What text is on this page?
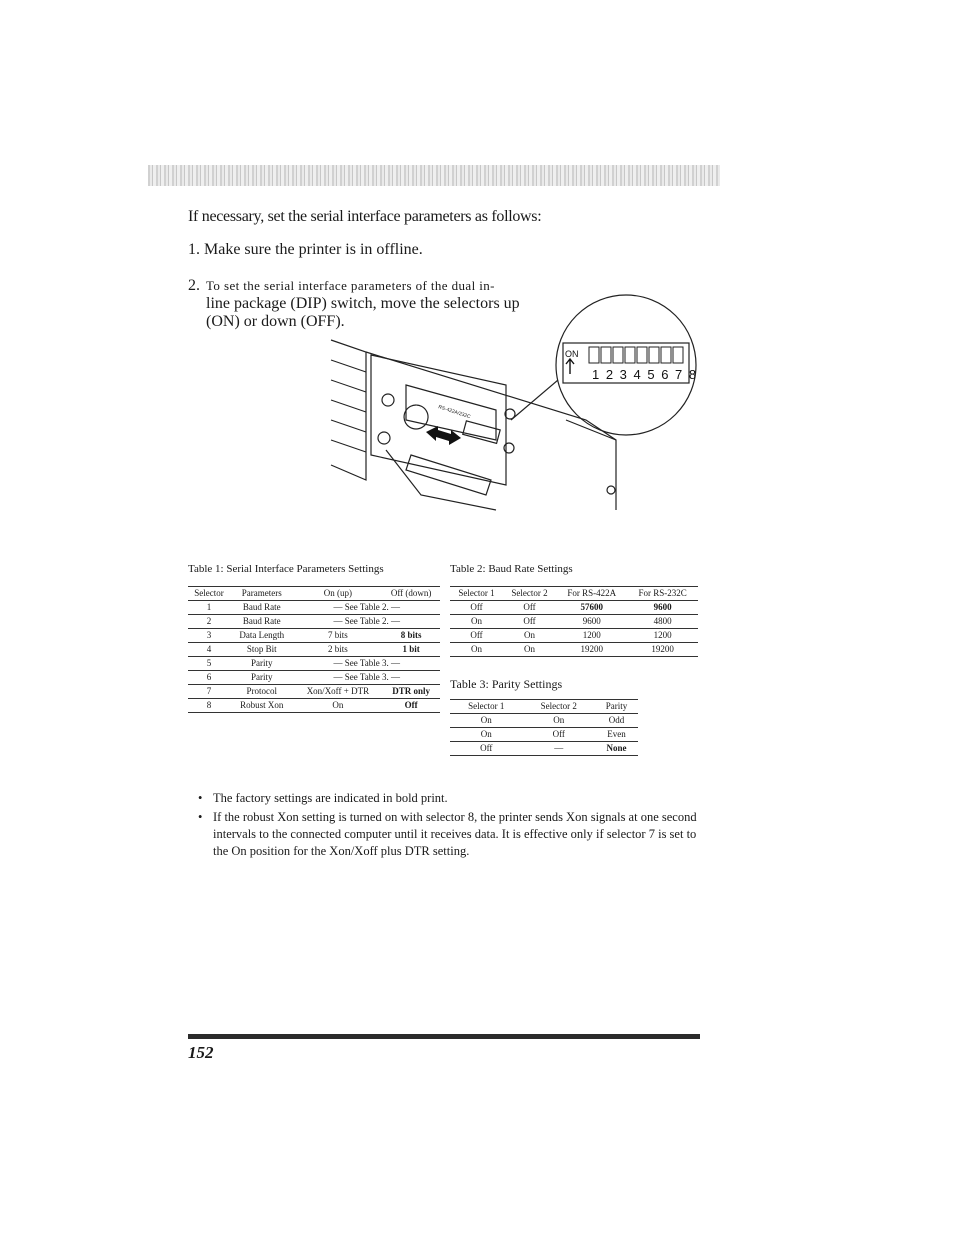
If necessary, set the serial interface parameters as follows:
1. Make sure the printer is in offline.
2. To set the serial interface parameters of the dual in-
line package (DIP) switch, move the selectors up (ON) or down (OFF).
ON
1 2 3 4 5 6 7 8
RS-422A/232C
Table 1: Serial Interface Parameters Settings	Table 2: Baud Rate Settings
Selector	Parameters	On (up)	Off (down)
1	Baud Rate	— See Table 2. —	
2	Baud Rate	— See Table 2. —	
3	Data Length	7 bits	8 bits
4	Stop Bit	2 bits	1 bit
5	Parity	— See Table 3. —	
6	Parity	— See Table 3. —	
7	Protocol	Xon/Xoff + DTR	DTR only
8	Robust Xon	On	Off
Selector 1	Selector 2	For RS-422A	For RS-232C
Off	Off	57600	9600
On	Off	9600	4800
Off	On	1200	1200
On	On	19200	19200
Table 3: Parity Settings
Selector 1	Selector 2	Parity
On	On	Odd
On	Off	Even
Off	—	None
• The factory settings are indicated in bold print.
• If the robust Xon setting is turned on with selector 8, the printer sends Xon signals at one second intervals to the connected computer until it receives data. It is effective only if selector 7 is set to the On position for the Xon/Xoff plus DTR setting.
152
